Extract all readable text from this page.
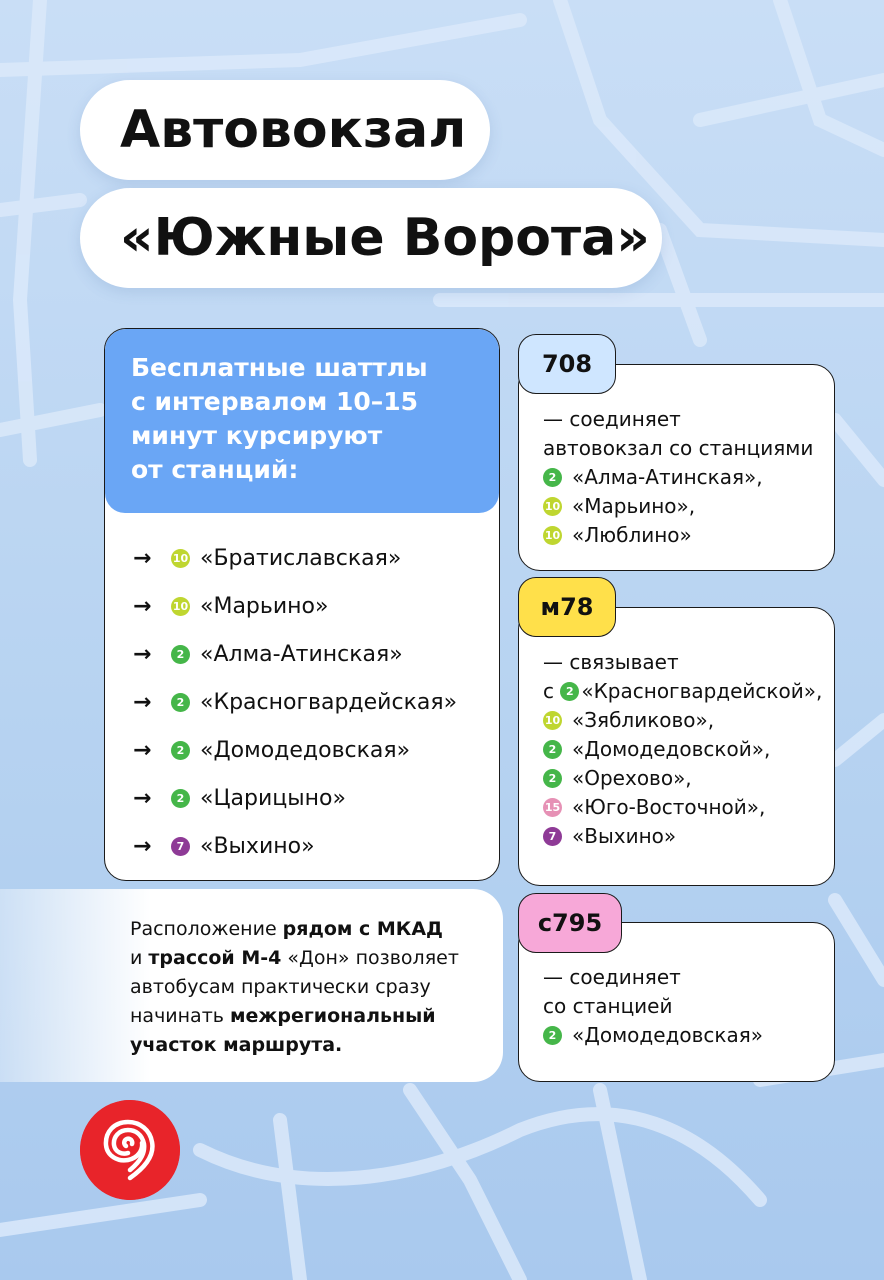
Автовокзал
«Южные Ворота»
Бесплатные шаттлы
с интервалом 10–15
минут курсируют
от станций:
→	10 «Братиславская»
→	10 «Марьино»
→	2 «Алма-Атинская»
→	2 «Красногвардейская»
→	2 «Домодедовская»
→	2 «Царицыно»
→	7 «Выхино»
Расположение рядом с МКАД
и трассой М-4 «Дон» позволяет автобусам практически сразу начинать межрегиональный участок маршрута.
708
— соединяет
автовокзал со станциями
2 «Алма-Атинская»,
10 «Марьино»,
10 «Люблино»
м78
— связывает
с
	2 «Красногвардейской»,
10 «Зябликово»,
2 «Домодедовской»,
2 «Орехово»,
15 «Юго-Восточной»,
7 «Выхино»
с795
— соединяет
со станцией
2 «Домодедовская»
